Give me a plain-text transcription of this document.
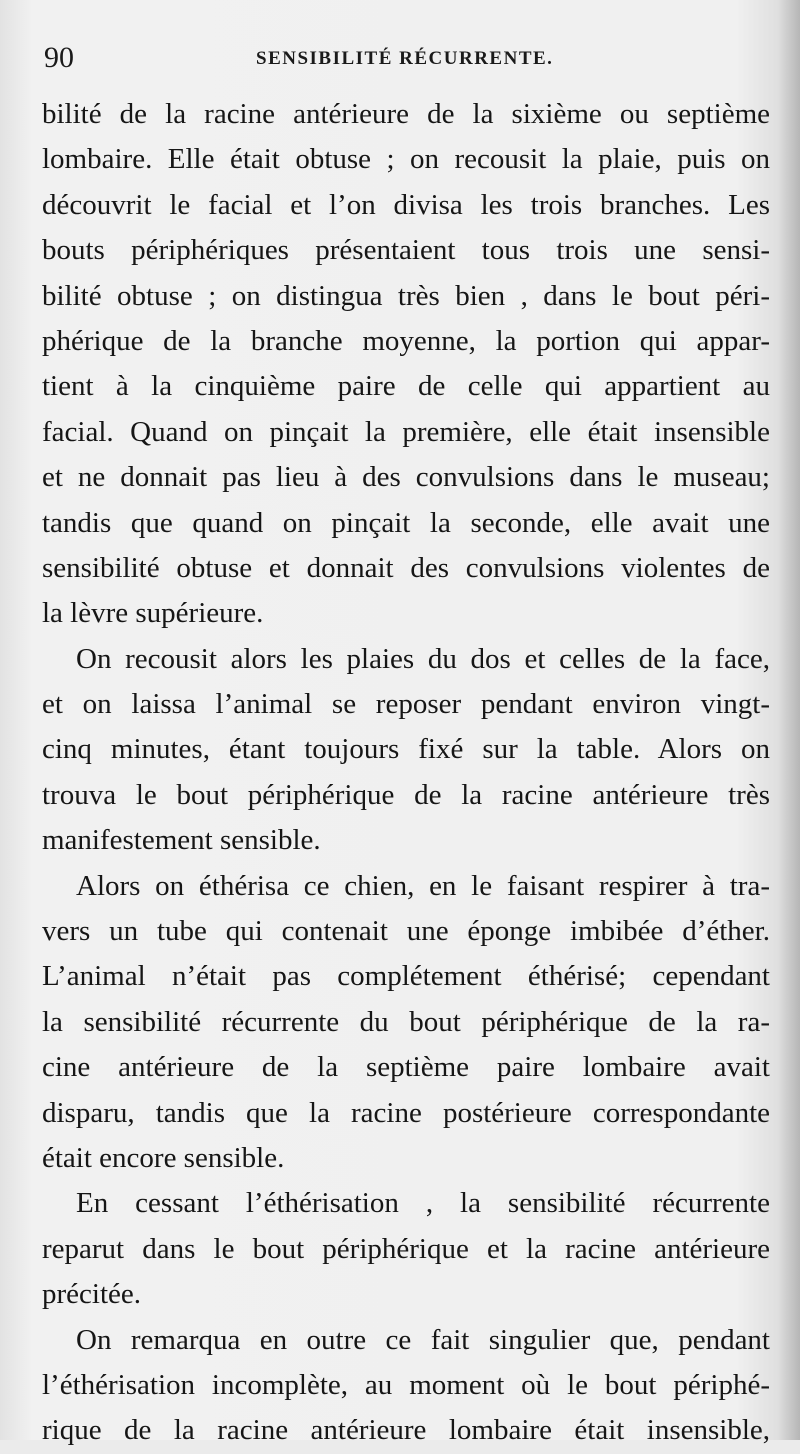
90	SENSIBILITÉ RÉCURRENTE.
bilité de la racine antérieure de la sixième ou septième
lombaire. Elle était obtuse ; on recousit la plaie, puis on
découvrit le facial et l’on divisa les trois branches. Les
bouts périphériques présentaient tous trois une sensi-
bilité obtuse ; on distingua très bien , dans le bout péri-
phérique de la branche moyenne, la portion qui appar-
tient à la cinquième paire de celle qui appartient au
facial. Quand on pinçait la première, elle était insensible
et ne donnait pas lieu à des convulsions dans le museau;
tandis que quand on pinçait la seconde, elle avait une
sensibilité obtuse et donnait des convulsions violentes de
la lèvre supérieure.
On recousit alors les plaies du dos et celles de la face,
et on laissa l’animal se reposer pendant environ vingt-
cinq minutes, étant toujours fixé sur la table. Alors on
trouva le bout périphérique de la racine antérieure très
manifestement sensible.
Alors on éthérisa ce chien, en le faisant respirer à tra-
vers un tube qui contenait une éponge imbibée d’éther.
L’animal n’était pas complétement éthérisé; cependant
la sensibilité récurrente du bout périphérique de la ra-
cine antérieure de la septième paire lombaire avait
disparu, tandis que la racine postérieure correspondante
était encore sensible.
En cessant l’éthérisation , la sensibilité récurrente
reparut dans le bout périphérique et la racine antérieure
précitée.
On remarqua en outre ce fait singulier que, pendant
l’éthérisation incomplète, au moment où le bout périphé-
rique de la racine antérieure lombaire était insensible,
